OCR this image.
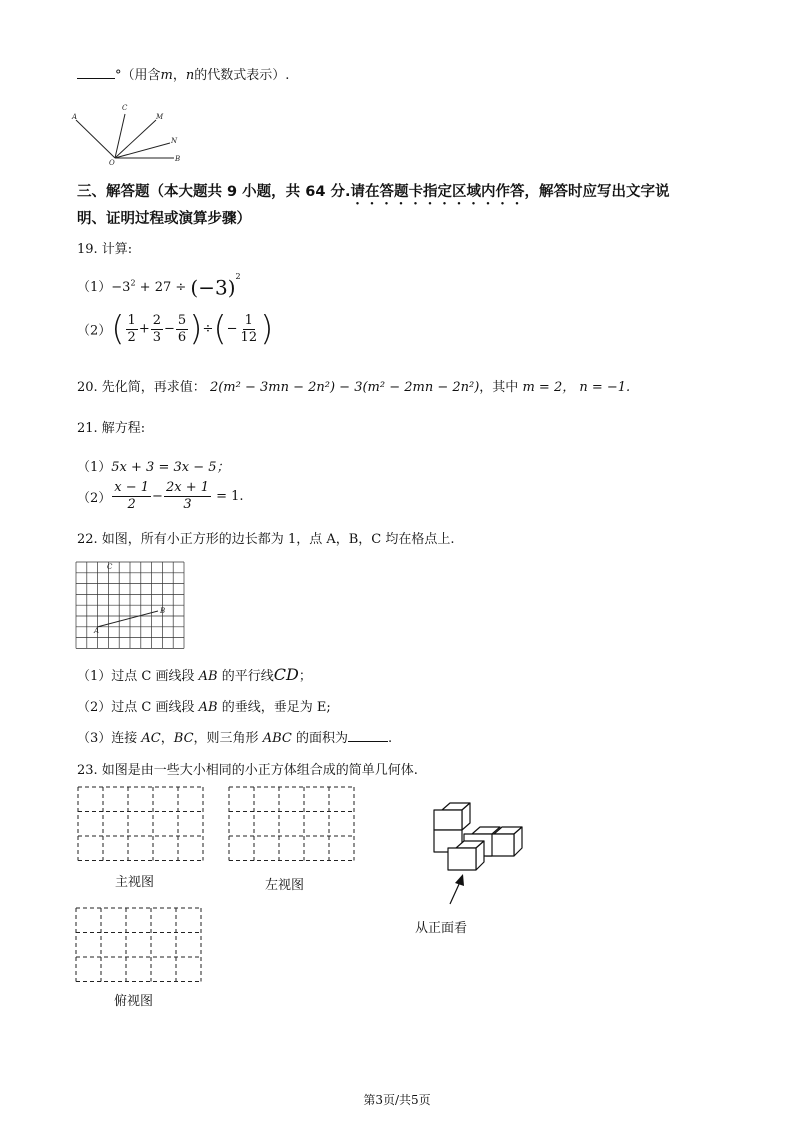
°（用含m，n的代数式表示）.
A
C
M
N
O	B
三、解答题（本大题共 9 小题，共 64 分.请在答题卡指定区域内作答，解答时应写出文字说
明、证明过程或演算步骤）
19. 计算:
$(1)-3^2 + 27 \div (-3)^2$
$(2)( \frac{1}{2} + \frac{2}{3} - \frac{5}{6}$ )÷(− $\frac{1}{12}$ )
20. 先化简，再求值： 2(m² − 3mn − 2n²) − 3(m² − 2mn − 2n²)，其中 m = 2， n = −1.
21. 解方程:
（1）5x + 3 = 3x − 5；
$(2) \frac{x - 1}{2} - \frac{2x + 1}{3} = 1$.
22. 如图，所有小正方形的边长都为 1，点 A，B，C 均在格点上.
A
B
C
（1）过点 C 画线段 AB 的平行线CD；
（2）过点 C 画线段 AB 的垂线，垂足为 E;
（3）连接 AC，BC，则三角形 ABC 的面积为	.
23. 如图是由一些大小相同的小正方体组合成的简单几何体.
主视图	左视图
俯视图
从正面看
第3页/共5页
